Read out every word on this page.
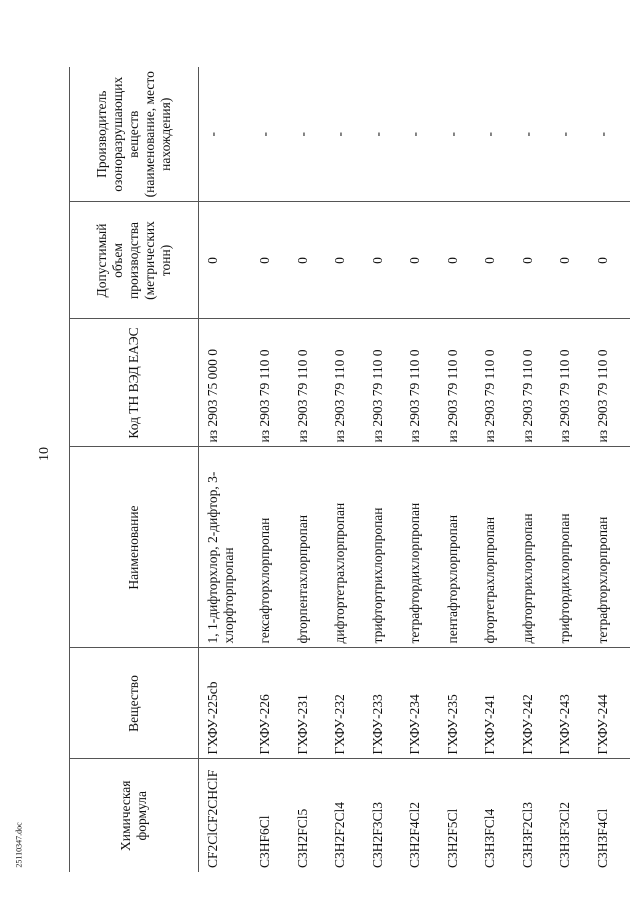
10
25110347.doc	Химическая формула	Вещество	Наименование	Код ТН ВЭД ЕАЭС	Допустимый объем производства (метрических тонн)	Производитель озоноразрушающих веществ (наименование, место нахождения)
CF2ClCF2CHClF	ГХФУ-225cb	1, 1-дифторхлор, 2-дифтор, 3-хлорфторпропан	из 2903 75 000 0	0	-
C3HF6Cl	ГХФУ-226	гексафторхлорпропан	из 2903 79 110 0	0	-
C3H2FCl5	ГХФУ-231	фторпентахлорпропан	из 2903 79 110 0	0	-
C3H2F2Cl4	ГХФУ-232	дифтортетрахлорпропан	из 2903 79 110 0	0	-
C3H2F3Cl3	ГХФУ-233	трифтортрихлорпропан	из 2903 79 110 0	0	-
C3H2F4Cl2	ГХФУ-234	тетрафтордихлорпропан	из 2903 79 110 0	0	-
C3H2F5Cl	ГХФУ-235	пентафторхлорпропан	из 2903 79 110 0	0	-
C3H3FCl4	ГХФУ-241	фтортетрахлорпропан	из 2903 79 110 0	0	-
C3H3F2Cl3	ГХФУ-242	дифтортрихлорпропан	из 2903 79 110 0	0	-
C3H3F3Cl2	ГХФУ-243	трифтордихлорпропан	из 2903 79 110 0	0	-
C3H3F4Cl	ГХФУ-244	тетрафторхлорпропан	из 2903 79 110 0	0	-
